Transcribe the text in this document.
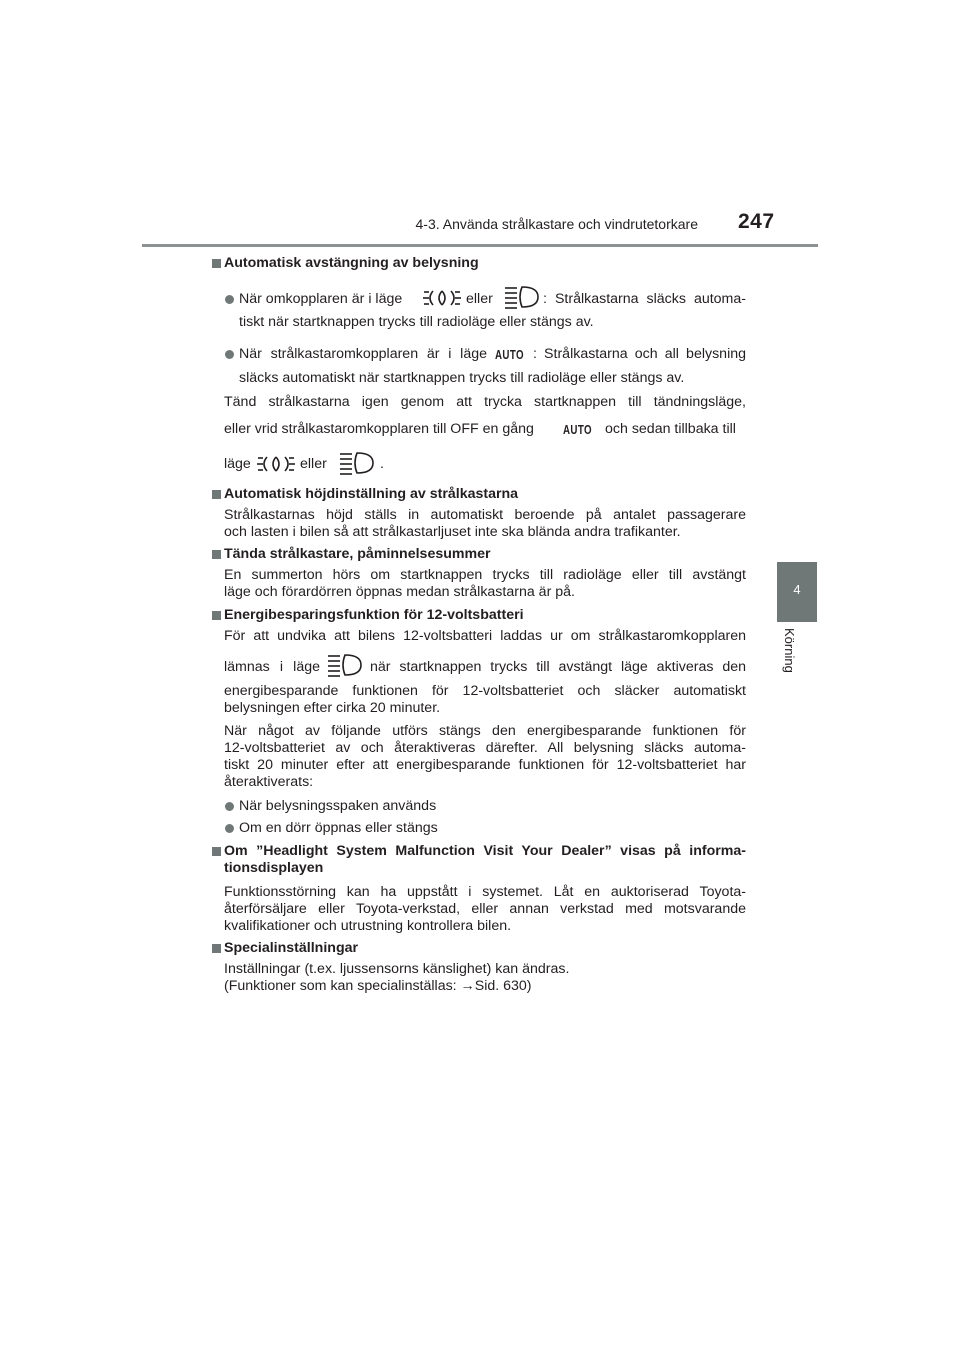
4-3. Använda strålkastare och vindrutetorkare 247
4
Körning
Automatisk avstängning av belysning
När omkopplaren är i läge	eller	: Strålkastarna släcks automa-
tiskt när startknappen trycks till radioläge eller stängs av.
När strålkastaromkopplaren är i läge AUTO : Strålkastarna och all belysning
släcks automatiskt när startknappen trycks till radioläge eller stängs av.
Tänd strålkastarna igen genom att trycka startknappen till tändningsläge,
eller vrid strålkastaromkopplaren till OFF en gång AUTO och sedan tillbaka till
läge	eller	.
Automatisk höjdinställning av strålkastarna
Strålkastarnas höjd ställs in automatiskt beroende på antalet passagerare
och lasten i bilen så att strålkastarljuset inte ska blända andra trafikanter.
Tända strålkastare, påminnelsesummer
En summerton hörs om startknappen trycks till radioläge eller till avstängt
läge och förardörren öppnas medan strålkastarna är på.
Energibesparingsfunktion för 12-voltsbatteri
För att undvika att bilens 12-voltsbatteri laddas ur om strålkastaromkopplaren
lämnas i läge	när startknappen trycks till avstängt läge aktiveras den
energibesparande funktionen för 12-voltsbatteriet och släcker automatiskt
belysningen efter cirka 20 minuter.
När något av följande utförs stängs den energibesparande funktionen för
12-voltsbatteriet av och återaktiveras därefter. All belysning släcks automa-
tiskt 20 minuter efter att energibesparande funktionen för 12-voltsbatteriet har
återaktiverats:
När belysningsspaken används
Om en dörr öppnas eller stängs
Om ”Headlight System Malfunction Visit Your Dealer” visas på informa-
tionsdisplayen
Funktionsstörning kan ha uppstått i systemet. Låt en auktoriserad Toyota-
återförsäljare eller Toyota-verkstad, eller annan verkstad med motsvarande
kvalifikationer och utrustning kontrollera bilen.
Specialinställningar
Inställningar (t.ex. ljussensorns känslighet) kan ändras.
(Funktioner som kan specialinställas: →Sid. 630)
